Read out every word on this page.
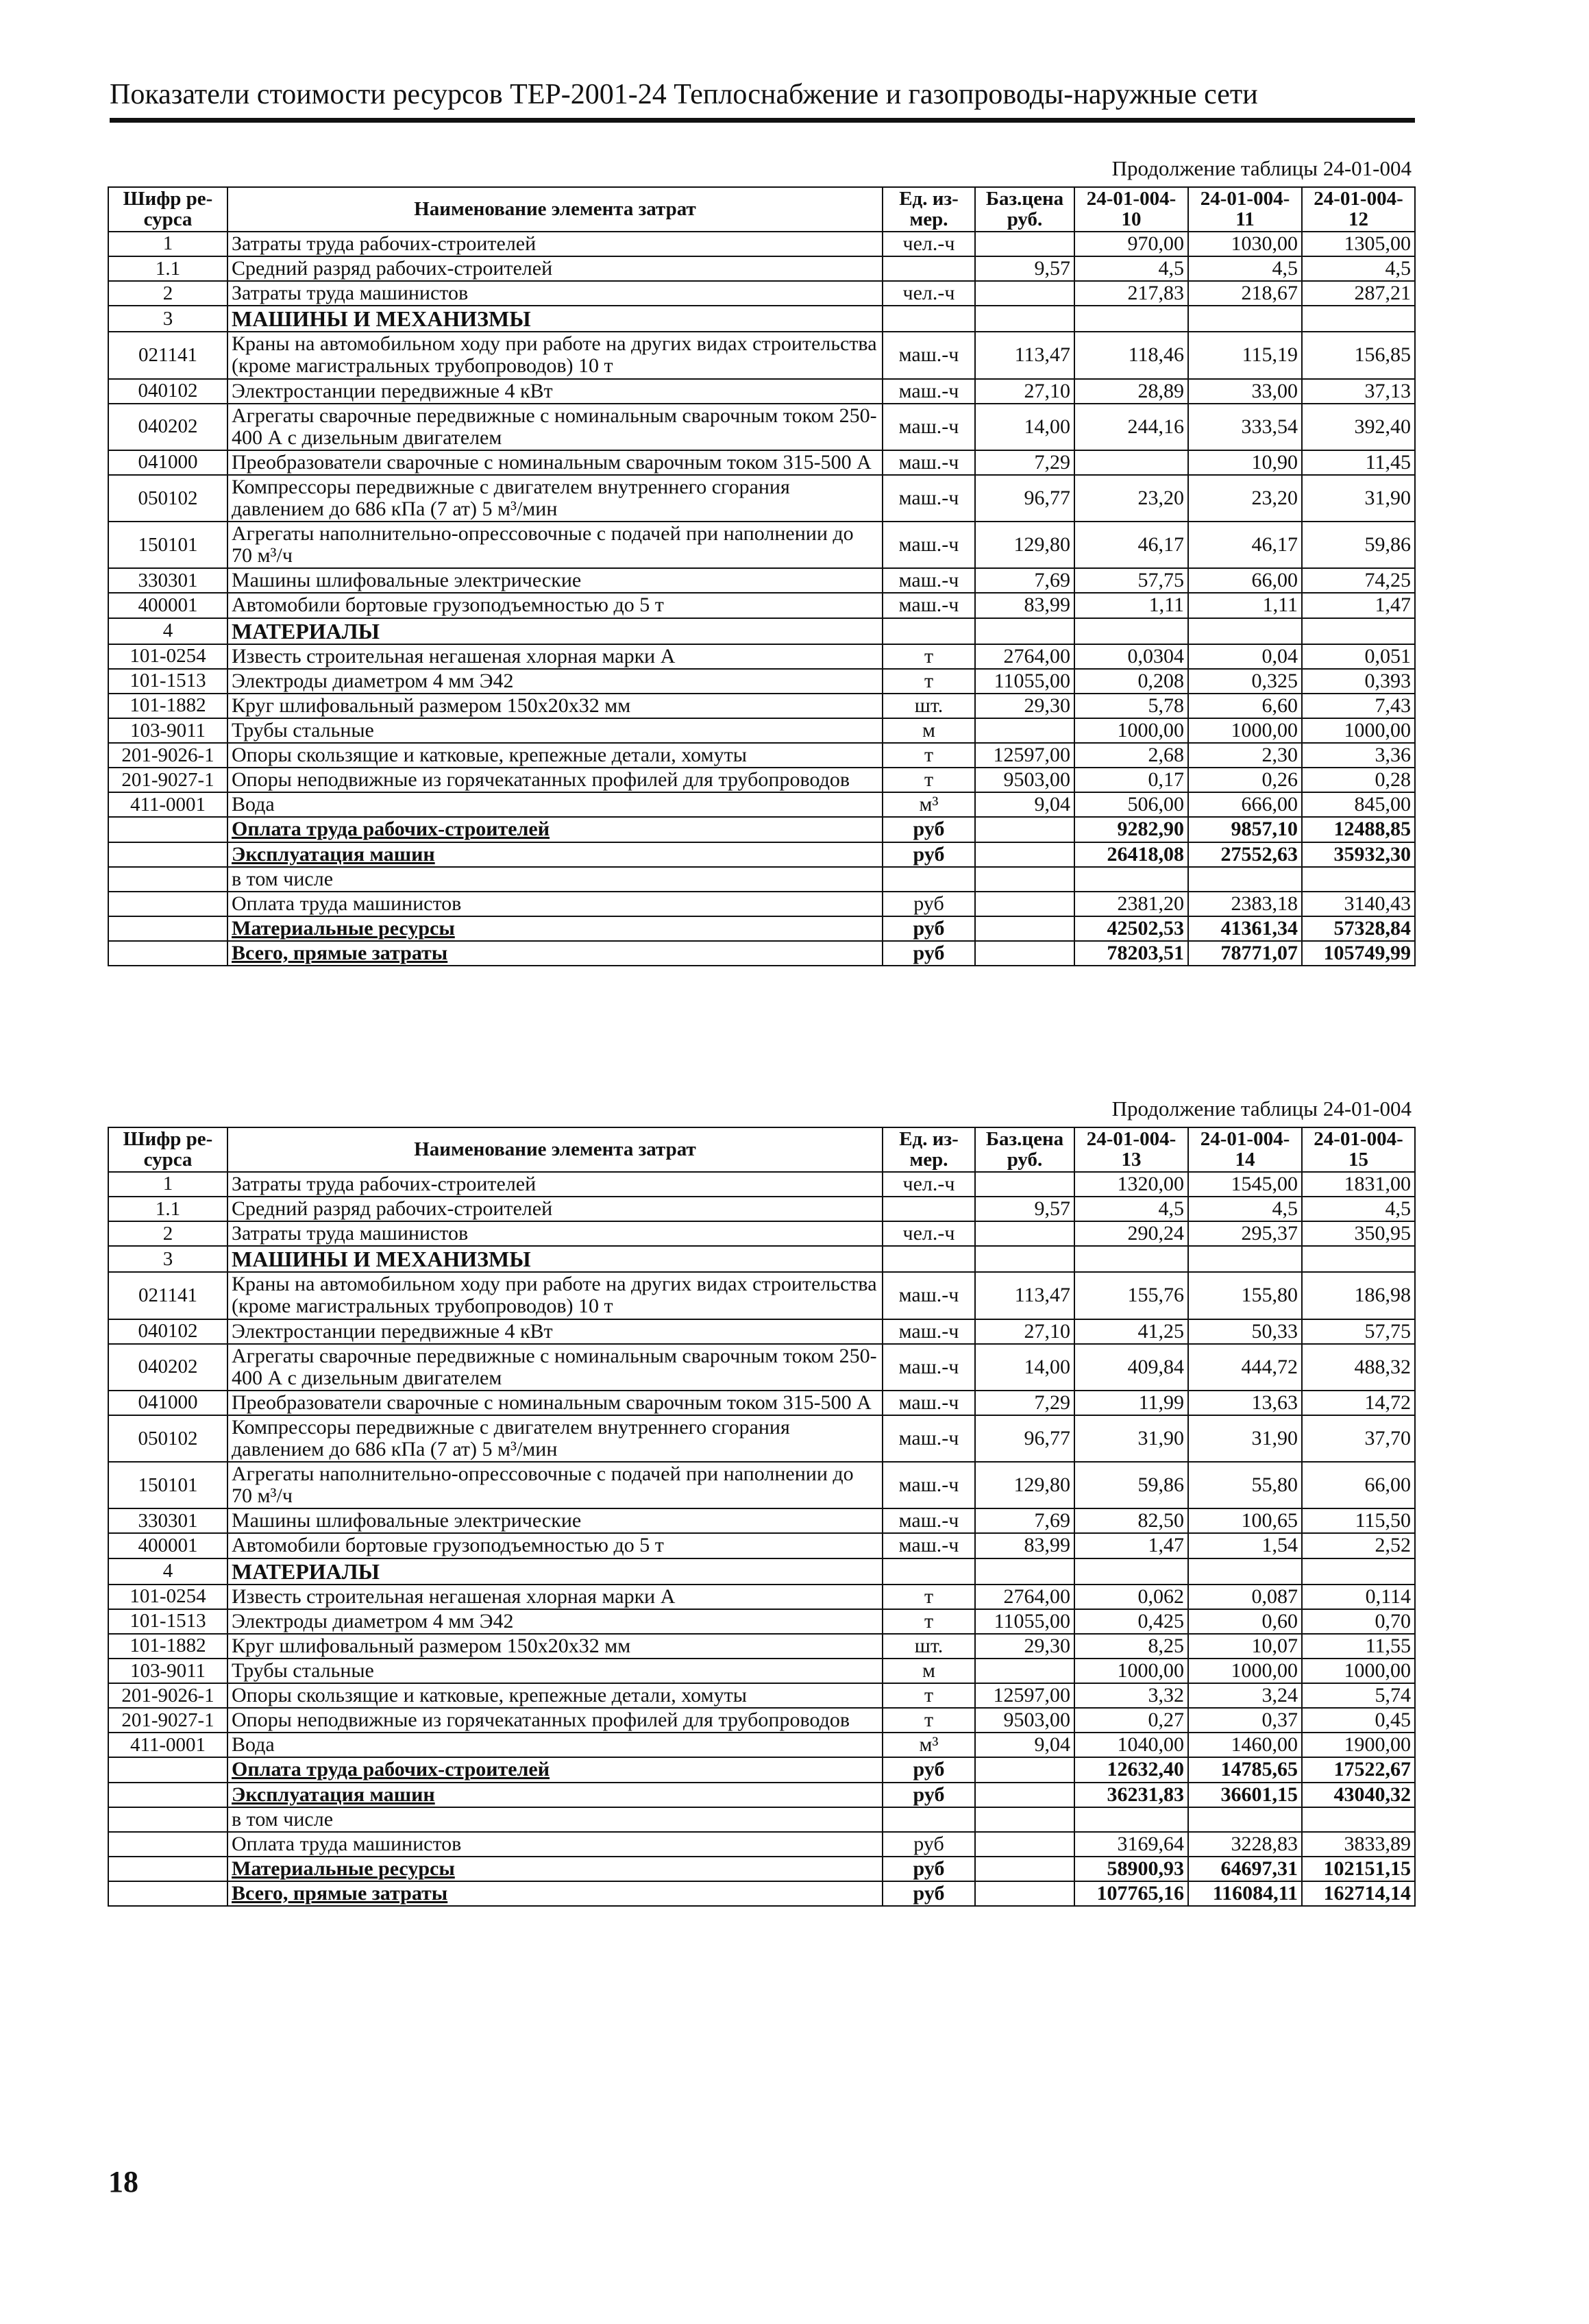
Показатели стоимости ресурсов ТЕР-2001-24 Теплоснабжение и газопроводы-наружные сети
Продолжение таблицы 24-01-004
Шифр ре-сурса	Наименование элемента затрат	Ед. из-мер.	Баз.цена руб.	24-01-004-10	24-01-004-11	24-01-004-12
1	Затраты труда рабочих-строителей	чел.-ч		970,00	1030,00	1305,00
1.1	Средний разряд рабочих-строителей		9,57	4,5	4,5	4,5
2	Затраты труда машинистов	чел.-ч		217,83	218,67	287,21
3	МАШИНЫ И МЕХАНИЗМЫ					
021141	Краны на автомобильном ходу при работе на других видах строительства (кроме магистральных трубопроводов) 10 т	маш.-ч	113,47	118,46	115,19	156,85
040102	Электростанции передвижные 4 кВт	маш.-ч	27,10	28,89	33,00	37,13
040202	Агрегаты сварочные передвижные с номинальным сварочным током 250-400 А с дизельным двигателем	маш.-ч	14,00	244,16	333,54	392,40
041000	Преобразователи сварочные с номинальным сварочным током 315-500 А	маш.-ч	7,29		10,90	11,45
050102	Компрессоры передвижные с двигателем внутреннего сгорания давлением до 686 кПа (7 ат) 5 м³/мин	маш.-ч	96,77	23,20	23,20	31,90
150101	Агрегаты наполнительно-опрессовочные с подачей при наполнении до 70 м³/ч	маш.-ч	129,80	46,17	46,17	59,86
330301	Машины шлифовальные электрические	маш.-ч	7,69	57,75	66,00	74,25
400001	Автомобили бортовые грузоподъемностью до 5 т	маш.-ч	83,99	1,11	1,11	1,47
4	МАТЕРИАЛЫ					
101-0254	Известь строительная негашеная хлорная марки А	т	2764,00	0,0304	0,04	0,051
101-1513	Электроды диаметром 4 мм Э42	т	11055,00	0,208	0,325	0,393
101-1882	Круг шлифовальный размером 150х20х32 мм	шт.	29,30	5,78	6,60	7,43
103-9011	Трубы стальные	м		1000,00	1000,00	1000,00
201-9026-1	Опоры скользящие и катковые, крепежные детали, хомуты	т	12597,00	2,68	2,30	3,36
201-9027-1	Опоры неподвижные из горячекатанных профилей для трубопроводов	т	9503,00	0,17	0,26	0,28
411-0001	Вода	м³	9,04	506,00	666,00	845,00
	Оплата труда рабочих-строителей	руб		9282,90	9857,10	12488,85
	Эксплуатация машин	руб		26418,08	27552,63	35932,30
	в том числе					
	Оплата труда машинистов	руб		2381,20	2383,18	3140,43
	Материальные ресурсы	руб		42502,53	41361,34	57328,84
	Всего, прямые затраты	руб		78203,51	78771,07	105749,99
Продолжение таблицы 24-01-004
Шифр ре-сурса	Наименование элемента затрат	Ед. из-мер.	Баз.цена руб.	24-01-004-13	24-01-004-14	24-01-004-15
1	Затраты труда рабочих-строителей	чел.-ч		1320,00	1545,00	1831,00
1.1	Средний разряд рабочих-строителей		9,57	4,5	4,5	4,5
2	Затраты труда машинистов	чел.-ч		290,24	295,37	350,95
3	МАШИНЫ И МЕХАНИЗМЫ					
021141	Краны на автомобильном ходу при работе на других видах строительства (кроме магистральных трубопроводов) 10 т	маш.-ч	113,47	155,76	155,80	186,98
040102	Электростанции передвижные 4 кВт	маш.-ч	27,10	41,25	50,33	57,75
040202	Агрегаты сварочные передвижные с номинальным сварочным током 250-400 А с дизельным двигателем	маш.-ч	14,00	409,84	444,72	488,32
041000	Преобразователи сварочные с номинальным сварочным током 315-500 А	маш.-ч	7,29	11,99	13,63	14,72
050102	Компрессоры передвижные с двигателем внутреннего сгорания давлением до 686 кПа (7 ат) 5 м³/мин	маш.-ч	96,77	31,90	31,90	37,70
150101	Агрегаты наполнительно-опрессовочные с подачей при наполнении до 70 м³/ч	маш.-ч	129,80	59,86	55,80	66,00
330301	Машины шлифовальные электрические	маш.-ч	7,69	82,50	100,65	115,50
400001	Автомобили бортовые грузоподъемностью до 5 т	маш.-ч	83,99	1,47	1,54	2,52
4	МАТЕРИАЛЫ					
101-0254	Известь строительная негашеная хлорная марки А	т	2764,00	0,062	0,087	0,114
101-1513	Электроды диаметром 4 мм Э42	т	11055,00	0,425	0,60	0,70
101-1882	Круг шлифовальный размером 150х20х32 мм	шт.	29,30	8,25	10,07	11,55
103-9011	Трубы стальные	м		1000,00	1000,00	1000,00
201-9026-1	Опоры скользящие и катковые, крепежные детали, хомуты	т	12597,00	3,32	3,24	5,74
201-9027-1	Опоры неподвижные из горячекатанных профилей для трубопроводов	т	9503,00	0,27	0,37	0,45
411-0001	Вода	м³	9,04	1040,00	1460,00	1900,00
	Оплата труда рабочих-строителей	руб		12632,40	14785,65	17522,67
	Эксплуатация машин	руб		36231,83	36601,15	43040,32
	в том числе					
	Оплата труда машинистов	руб		3169,64	3228,83	3833,89
	Материальные ресурсы	руб		58900,93	64697,31	102151,15
	Всего, прямые затраты	руб		107765,16	116084,11	162714,14
18
